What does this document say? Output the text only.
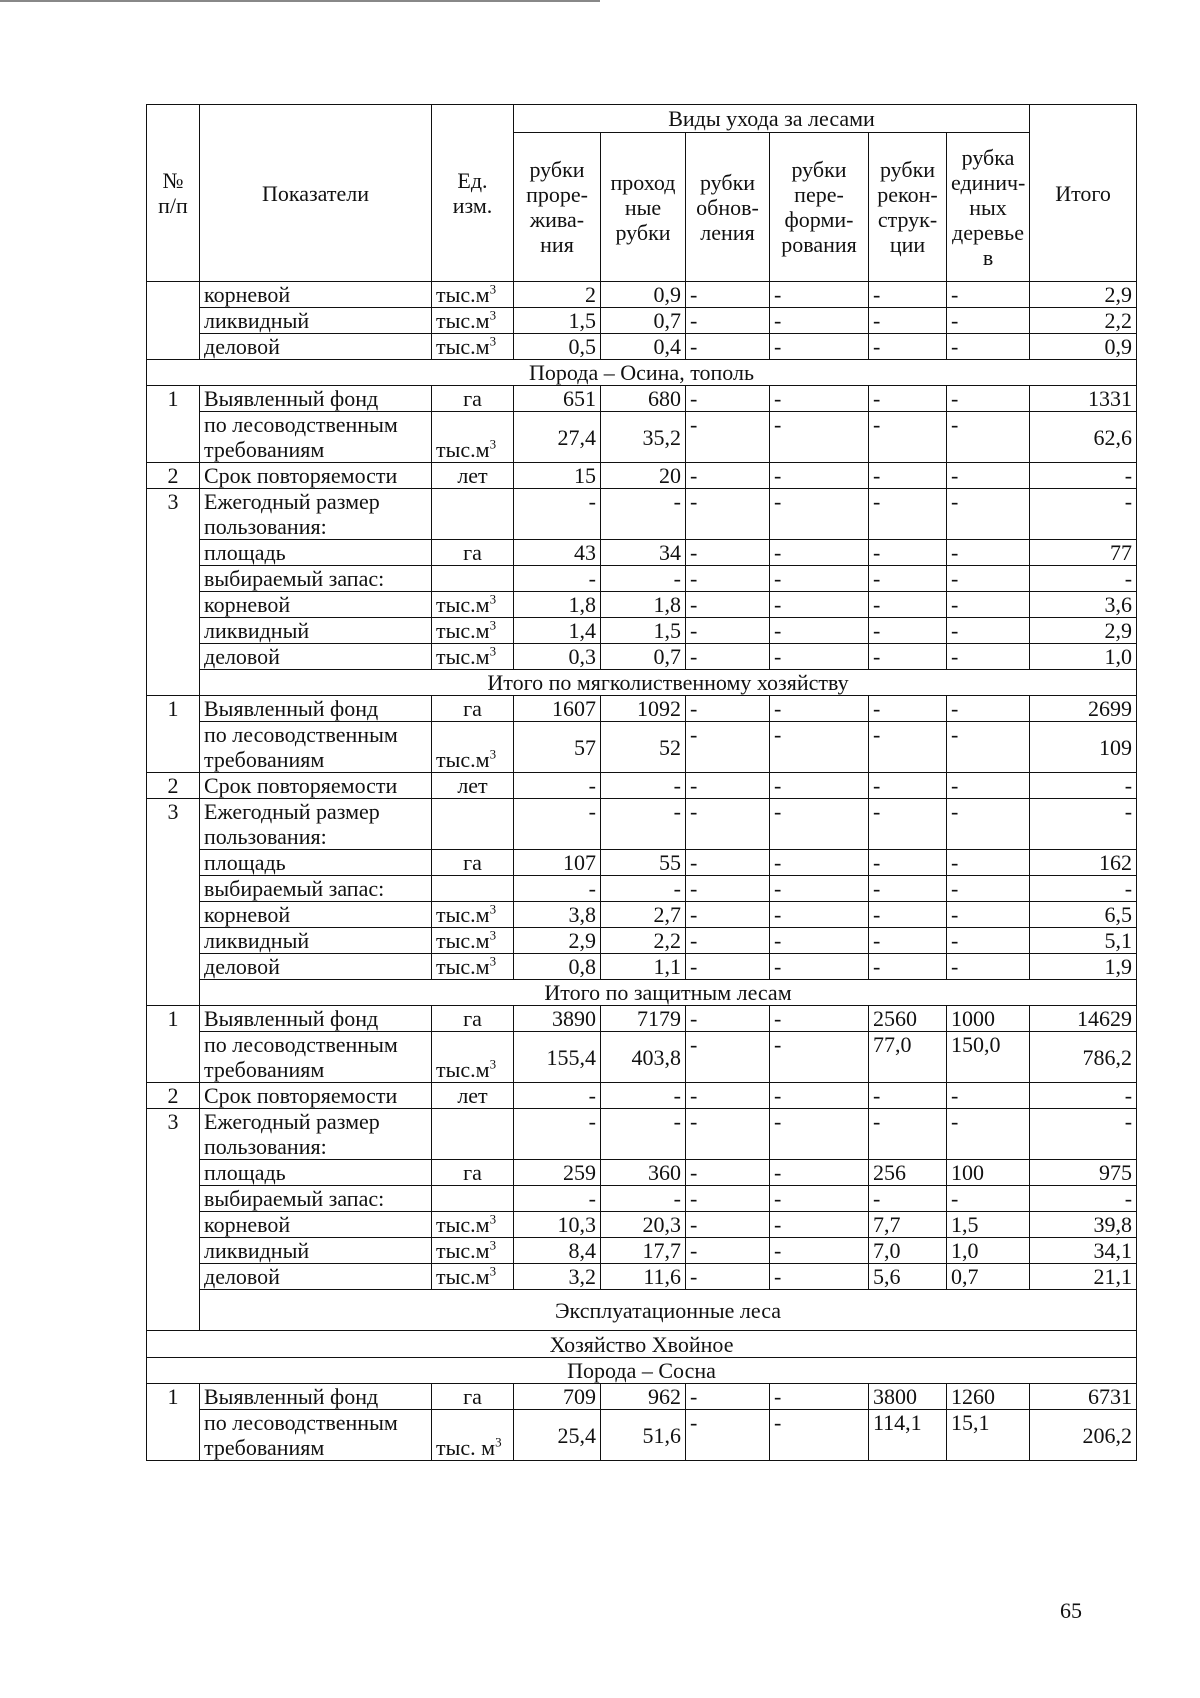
№ п/п	Показатели	Ед. изм.	Виды ухода за лесами						Итого
			рубки
проре-
жива-
ния	проход
ные
рубки	рубки
обнов-
ления	рубки
пере-
форми-
рования	рубки
рекон-
струк-
ции	рубка
единич-
ных
деревье
в	
	корневой	$тыс.м^3$	2	0,9	-	-	-	-	2,9
	ликвидный	$тыс.м^3$	1,5	0,7	-	-	-	-	2,2
	деловой	$тыс.м^3$	0,5	0,4	-	-	-	-	0,9
Порода – Осина, тополь									
1	Выявленный фонд	га	651	680	-	-	-	-	1331
	по лесоводственным
требованиям	$тыс.м^3$	27,4	35,2	-	-	-	-	62,6
2	Срок повторяемости	лет	15	20	-	-	-	-	-
3	Ежегодный размер
пользования:		-	-	-	-	-	-	-
	площадь	га	43	34	-	-	-	-	77
	выбираемый запас:		-	-	-	-	-	-	-
	корневой	$тыс.м^3$	1,8	1,8	-	-	-	-	3,6
	ликвидный	$тыс.м^3$	1,4	1,5	-	-	-	-	2,9
	деловой	$тыс.м^3$	0,3	0,7	-	-	-	-	1,0
	Итого по мягколиственному хозяйству								
1	Выявленный фонд	га	1607	1092	-	-	-	-	2699
	по лесоводственным
требованиям	$тыс.м^3$	57	52	-	-	-	-	109
2	Срок повторяемости	лет	-	-	-	-	-	-	-
3	Ежегодный размер
пользования:		-	-	-	-	-	-	-
	площадь	га	107	55	-	-	-	-	162
	выбираемый запас:		-	-	-	-	-	-	-
	корневой	$тыс.м^3$	3,8	2,7	-	-	-	-	6,5
	ликвидный	$тыс.м^3$	2,9	2,2	-	-	-	-	5,1
	деловой	$тыс.м^3$	0,8	1,1	-	-	-	-	1,9
	Итого по защитным лесам								
1	Выявленный фонд	га	3890	7179	-	-	2560	1000	14629
	по лесоводственным
требованиям	$тыс.м^3$	155,4	403,8	-	-	77,0	150,0	786,2
2	Срок повторяемости	лет	-	-	-	-	-	-	-
3	Ежегодный размер
пользования:		-	-	-	-	-	-	-
	площадь	га	259	360	-	-	256	100	975
	выбираемый запас:		-	-	-	-	-	-	-
	корневой	$тыс.м^3$	10,3	20,3	-	-	7,7	1,5	39,8
	ликвидный	$тыс.м^3$	8,4	17,7	-	-	7,0	1,0	34,1
	деловой	$тыс.м^3$	3,2	11,6	-	-	5,6	0,7	21,1
	Эксплуатационные леса								
Хозяйство Хвойное									
Порода – Сосна									
1	Выявленный фонд	га	709	962	-	-	3800	1260	6731
	по лесоводственным
требованиям	тыс. $м^3$	25,4	51,6	-	-	114,1	15,1	206,2
65
